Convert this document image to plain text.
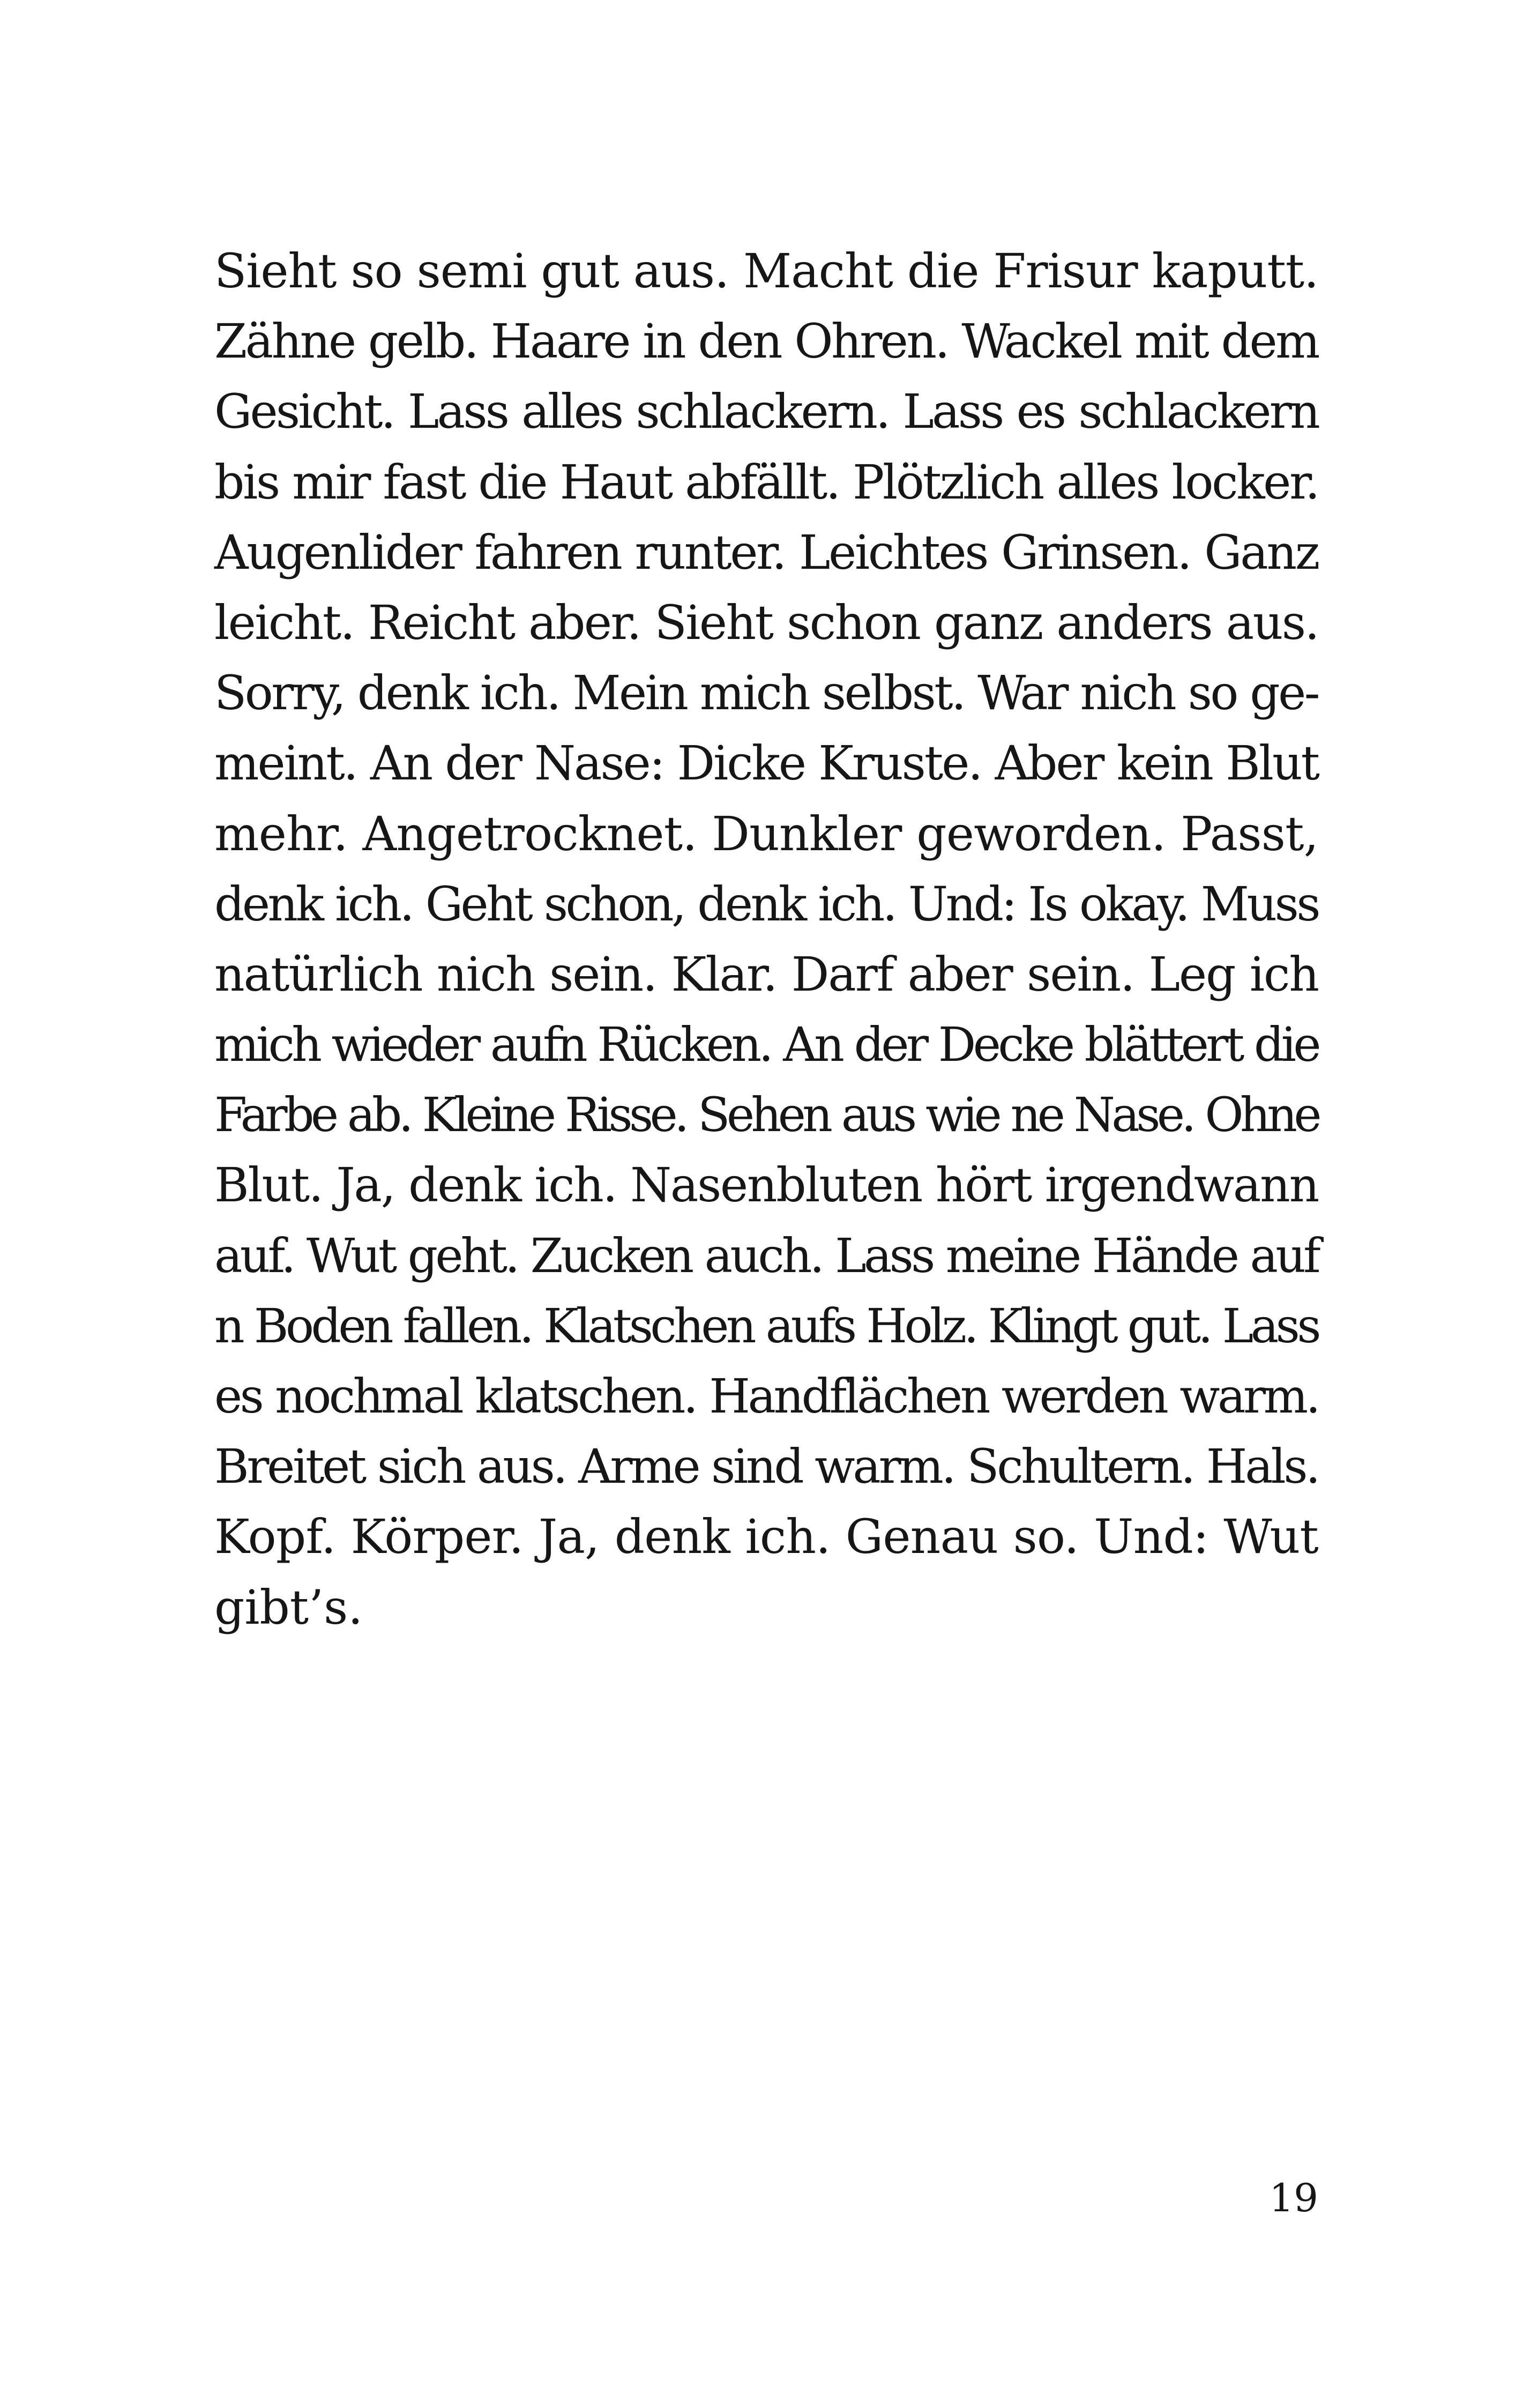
Sieht so semi gut aus. Macht die Frisur kaputt.
Zähne gelb. Haare in den Ohren. Wackel mit dem
Gesicht. Lass alles schlackern. Lass es schlackern
bis mir fast die Haut abfällt. Plötzlich alles locker.
Augenlider fahren runter. Leichtes Grinsen. Ganz
leicht. Reicht aber. Sieht schon ganz anders aus.
Sorry, denk ich. Mein mich selbst. War nich so ge-
meint. An der Nase: Dicke Kruste. Aber kein Blut
mehr. Angetrocknet. Dunkler geworden. Passt,
denk ich. Geht schon, denk ich. Und: Is okay. Muss
natürlich nich sein. Klar. Darf aber sein. Leg ich
mich wieder aufn Rücken. An der Decke blättert die
Farbe ab. Kleine Risse. Sehen aus wie ne Nase. Ohne
Blut. Ja, denk ich. Nasenbluten hört irgendwann
auf. Wut geht. Zucken auch. Lass meine Hände auf
n Boden fallen. Klatschen aufs Holz. Klingt gut. Lass
es nochmal klatschen. Handflächen werden warm.
Breitet sich aus. Arme sind warm. Schultern. Hals.
Kopf. Körper. Ja, denk ich. Genau so. Und: Wut
gibt’s.
19
